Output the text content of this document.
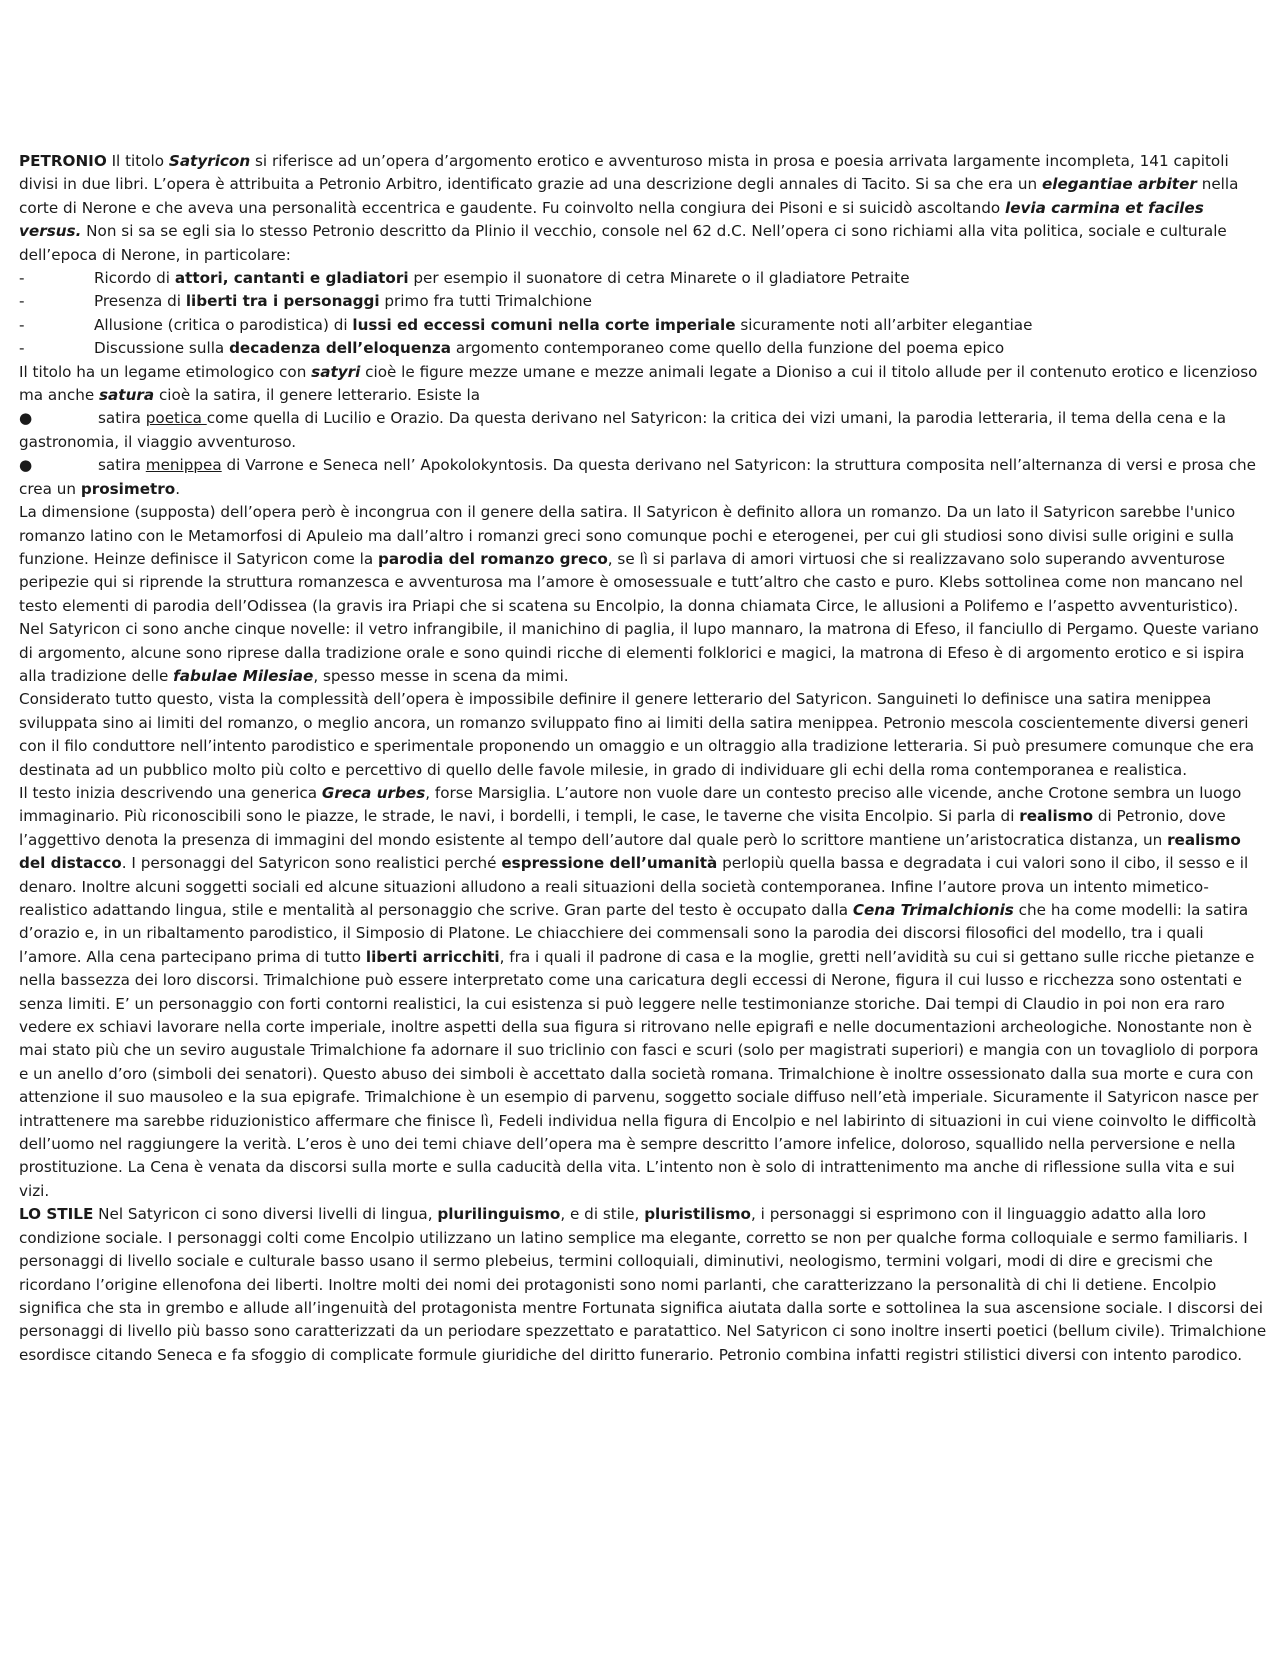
PETRONIO Il titolo Satyricon si riferisce ad un’opera d’argomento erotico e avventuroso mista in prosa e poesia arrivata largamente incompleta, 141 capitoli divisi in due libri. L’opera è attribuita a Petronio Arbitro, identificato grazie ad una descrizione degli annales di Tacito. Si sa che era un elegantiae arbiter nella corte di Nerone e che aveva una personalità eccentrica e gaudente. Fu coinvolto nella congiura dei Pisoni e si suicidò ascoltando levia carmina et faciles versus. Non si sa se egli sia lo stesso Petronio descritto da Plinio il vecchio, console nel 62 d.C. Nell’opera ci sono richiami alla vita politica, sociale e culturale dell’epoca di Nerone, in particolare:

-	Ricordo di attori, cantanti e gladiatori per esempio il suonatore di cetra Minarete o il gladiatore Petraite
-	Presenza di liberti tra i personaggi primo fra tutti Trimalchione
-	Allusione (critica o parodistica) di lussi ed eccessi comuni nella corte imperiale sicuramente noti all’arbiter elegantiae
-	Discussione sulla decadenza dell’eloquenza argomento contemporaneo come quello della funzione del poema epico

Il titolo ha un legame etimologico con satyri cioè le figure mezze umane e mezze animali legate a Dioniso a cui il titolo allude per il contenuto erotico e licenzioso ma anche satura cioè la satira, il genere letterario. Esiste la

●	satira poetica come quella di Lucilio e Orazio. Da questa derivano nel Satyricon: la critica dei vizi umani, la parodia letteraria, il tema della cena e la gastronomia, il viaggio avventuroso.

●	satira menippea di Varrone e Seneca nell’ Apokolokyntosis. Da questa derivano nel Satyricon: la struttura composita nell’alternanza di versi e prosa che crea un prosimetro.

La dimensione (supposta) dell’opera però è incongrua con il genere della satira. Il Satyricon è definito allora un romanzo. Da un lato il Satyricon sarebbe l'unico romanzo latino con le Metamorfosi di Apuleio ma dall’altro i romanzi greci sono comunque pochi e eterogenei, per cui gli studiosi sono divisi sulle origini e sulla funzione. Heinze definisce il Satyricon come la parodia del romanzo greco, se lì si parlava di amori virtuosi che si realizzavano solo superando avventurose peripezie qui si riprende la struttura romanzesca e avventurosa ma l’amore è omosessuale e tutt’altro che casto e puro. Klebs sottolinea come non mancano nel testo elementi di parodia dell’Odissea (la gravis ira Priapi che si scatena su Encolpio, la donna chiamata Circe, le allusioni a Polifemo e l’aspetto avventuristico).

Nel Satyricon ci sono anche cinque novelle: il vetro infrangibile, il manichino di paglia, il lupo mannaro, la matrona di Efeso, il fanciullo di Pergamo. Queste variano di argomento, alcune sono riprese dalla tradizione orale e sono quindi ricche di elementi folklorici e magici, la matrona di Efeso è di argomento erotico e si ispira alla tradizione delle fabulae Milesiae, spesso messe in scena da mimi.

Considerato tutto questo, vista la complessità dell’opera è impossibile definire il genere letterario del Satyricon. Sanguineti lo definisce una satira menippea sviluppata sino ai limiti del romanzo, o meglio ancora, un romanzo sviluppato fino ai limiti della satira menippea. Petronio mescola coscientemente diversi generi con il filo conduttore nell’intento parodistico e sperimentale proponendo un omaggio e un oltraggio alla tradizione letteraria. Si può presumere comunque che era destinata ad un pubblico molto più colto e percettivo di quello delle favole milesie, in grado di individuare gli echi della roma contemporanea e realistica.

Il testo inizia descrivendo una generica Greca urbes, forse Marsiglia. L’autore non vuole dare un contesto preciso alle vicende, anche Crotone sembra un luogo immaginario. Più riconoscibili sono le piazze, le strade, le navi, i bordelli, i templi, le case, le taverne che visita Encolpio. Si parla di realismo di Petronio, dove l’aggettivo denota la presenza di immagini del mondo esistente al tempo dell’autore dal quale però lo scrittore mantiene un’aristocratica distanza, un realismo del distacco. I personaggi del Satyricon sono realistici perché espressione dell’umanità perlopiù quella bassa e degradata i cui valori sono il cibo, il sesso e il denaro. Inoltre alcuni soggetti sociali ed alcune situazioni alludono a reali situazioni della società contemporanea. Infine l’autore prova un intento mimetico-realistico adattando lingua, stile e mentalità al personaggio che scrive. Gran parte del testo è occupato dalla Cena Trimalchionis che ha come modelli: la satira d’orazio e, in un ribaltamento parodistico, il Simposio di Platone. Le chiacchiere dei commensali sono la parodia dei discorsi filosofici del modello, tra i quali l’amore. Alla cena partecipano prima di tutto liberti arricchiti, fra i quali il padrone di casa e la moglie, gretti nell’avidità su cui si gettano sulle ricche pietanze e nella bassezza dei loro discorsi. Trimalchione può essere interpretato come una caricatura degli eccessi di Nerone, figura il cui lusso e ricchezza sono ostentati e senza limiti. E’ un personaggio con forti contorni realistici, la cui esistenza si può leggere nelle testimonianze storiche. Dai tempi di Claudio in poi non era raro vedere ex schiavi lavorare nella corte imperiale, inoltre aspetti della sua figura si ritrovano nelle epigrafi e nelle documentazioni archeologiche. Nonostante non è mai stato più che un seviro augustale Trimalchione fa adornare il suo triclinio con fasci e scuri (solo per magistrati superiori) e mangia con un tovagliolo di porpora e un anello d’oro (simboli dei senatori). Questo abuso dei simboli è accettato dalla società romana. Trimalchione è inoltre ossessionato dalla sua morte e cura con attenzione il suo mausoleo e la sua epigrafe. Trimalchione è un esempio di parvenu, soggetto sociale diffuso nell’età imperiale. Sicuramente il Satyricon nasce per intrattenere ma sarebbe riduzionistico affermare che finisce lì, Fedeli individua nella figura di Encolpio e nel labirinto di situazioni in cui viene coinvolto le difficoltà dell’uomo nel raggiungere la verità. L’eros è uno dei temi chiave dell’opera ma è sempre descritto l’amore infelice, doloroso, squallido nella perversione e nella prostituzione. La Cena è venata da discorsi sulla morte e sulla caducità della vita. L’intento non è solo di intrattenimento ma anche di riflessione sulla vita e sui vizi.

LO STILE Nel Satyricon ci sono diversi livelli di lingua, plurilinguismo, e di stile, pluristilismo, i personaggi si esprimono con il linguaggio adatto alla loro condizione sociale. I personaggi colti come Encolpio utilizzano un latino semplice ma elegante, corretto se non per qualche forma colloquiale e sermo familiaris. I personaggi di livello sociale e culturale basso usano il sermo plebeius, termini colloquiali, diminutivi, neologismo, termini volgari, modi di dire e grecismi che ricordano l’origine ellenofona dei liberti. Inoltre molti dei nomi dei protagonisti sono nomi parlanti, che caratterizzano la personalità di chi li detiene. Encolpio significa che sta in grembo e allude all’ingenuità del protagonista mentre Fortunata significa aiutata dalla sorte e sottolinea la sua ascensione sociale. I discorsi dei personaggi di livello più basso sono caratterizzati da un periodare spezzettato e paratattico. Nel Satyricon ci sono inoltre inserti poetici (bellum civile). Trimalchione esordisce citando Seneca e fa sfoggio di complicate formule giuridiche del diritto funerario. Petronio combina infatti registri stilistici diversi con intento parodico.
